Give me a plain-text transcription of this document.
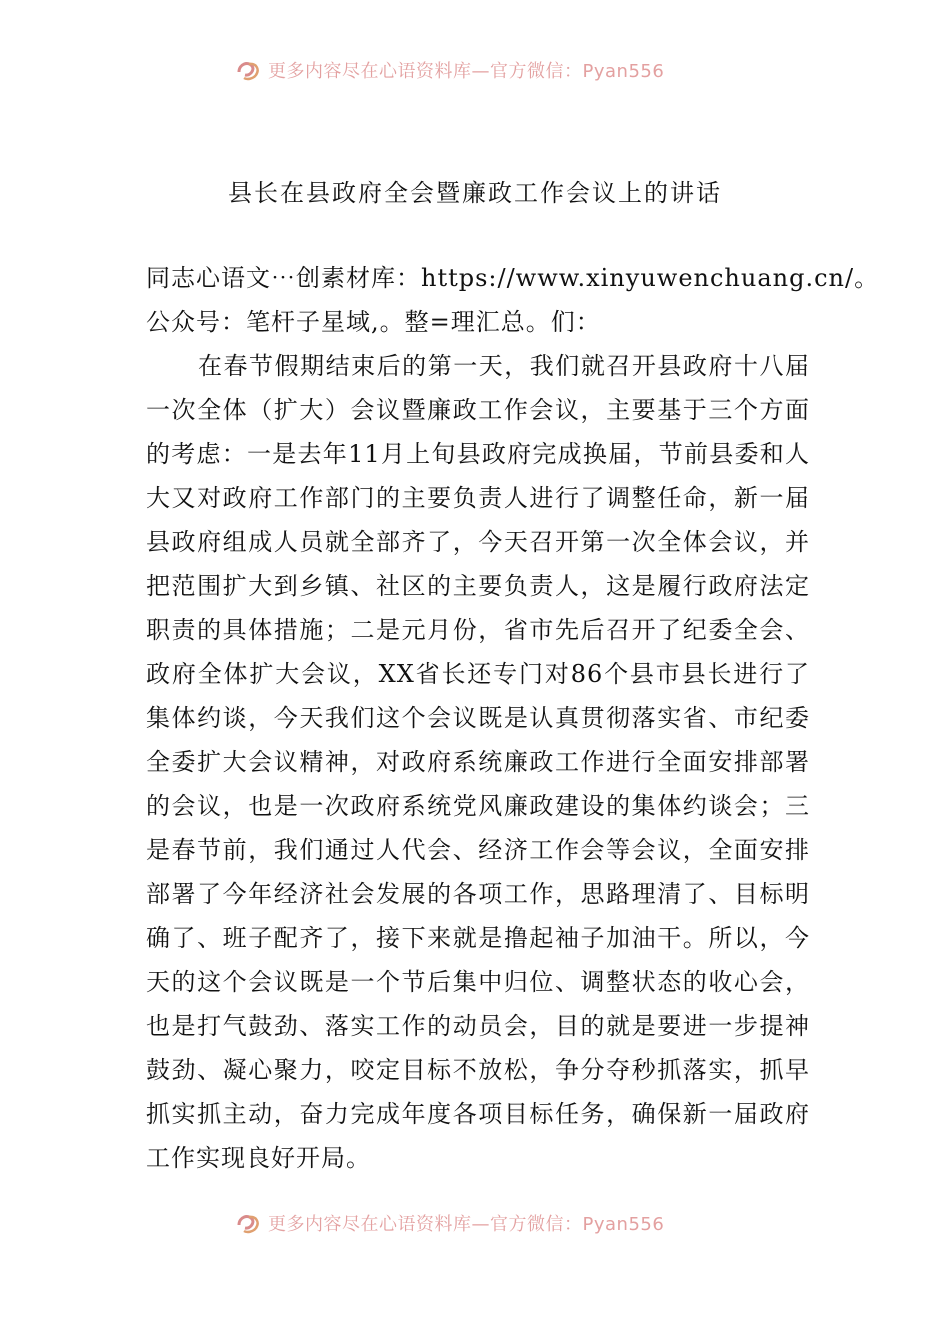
更多内容尽在心语资料库—官方微信：Pyan556
县长在县政府全会暨廉政工作会议上的讲话
同志心语文⋯创素材库：https://www.xinyuwenchuang.cn/。
公众号：笔杆子星域,。整=理汇总。们：
在春节假期结束后的第一天，我们就召开县政府十八届一次全体（扩大）会议暨廉政工作会议，主要基于三个方面的考虑：一是去年11月上旬县政府完成换届，节前县委和人大又对政府工作部门的主要负责人进行了调整任命，新一届县政府组成人员就全部齐了，今天召开第一次全体会议，并把范围扩大到乡镇、社区的主要负责人，这是履行政府法定职责的具体措施；二是元月份，省市先后召开了纪委全会、政府全体扩大会议，XX省长还专门对86个县市县长进行了集体约谈，今天我们这个会议既是认真贯彻落实省、市纪委全委扩大会议精神，对政府系统廉政工作进行全面安排部署的会议，也是一次政府系统党风廉政建设的集体约谈会；三是春节前，我们通过人代会、经济工作会等会议，全面安排部署了今年经济社会发展的各项工作，思路理清了、目标明确了、班子配齐了，接下来就是撸起袖子加油干。所以，今天的这个会议既是一个节后集中归位、调整状态的收心会，也是打气鼓劲、落实工作的动员会，目的就是要进一步提神鼓劲、凝心聚力，咬定目标不放松，争分夺秒抓落实，抓早抓实抓主动，奋力完成年度各项目标任务，确保新一届政府工作实现良好开局。
更多内容尽在心语资料库—官方微信：Pyan556
